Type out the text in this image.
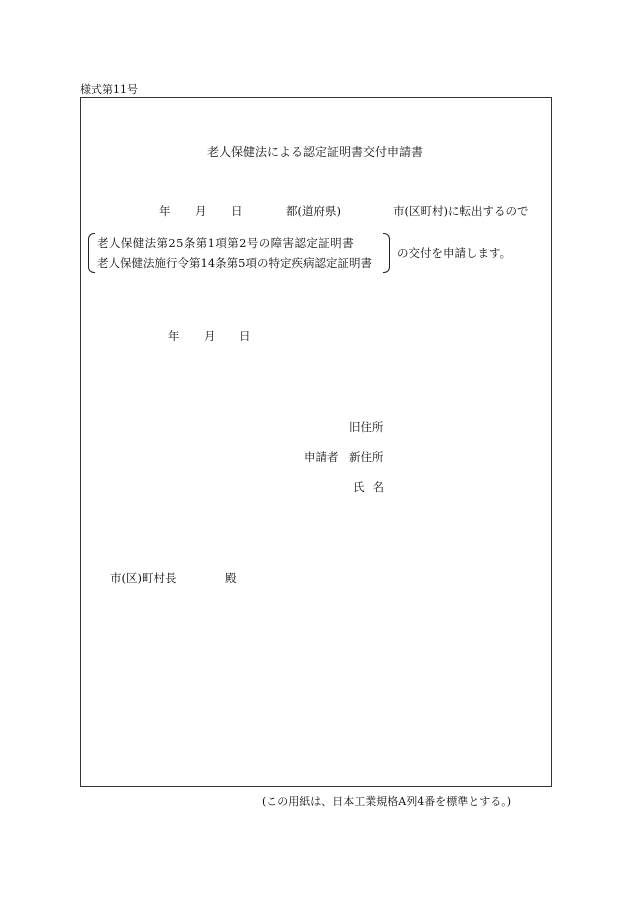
様式第11号
老人保健法による認定証明書交付申請書
年 月 日	都(道府県)	市(区町村)に転出するので
老人保健法第25条第1項第2号の障害認定証明書
老人保健法施行令第14条第5項の特定疾病認定証明書
の交付を申請します。
年 月 日
旧住所
申請者 新住所
氏名
市(区)町村長	殿
(この用紙は、日本工業規格A列4番を標準とする。)
